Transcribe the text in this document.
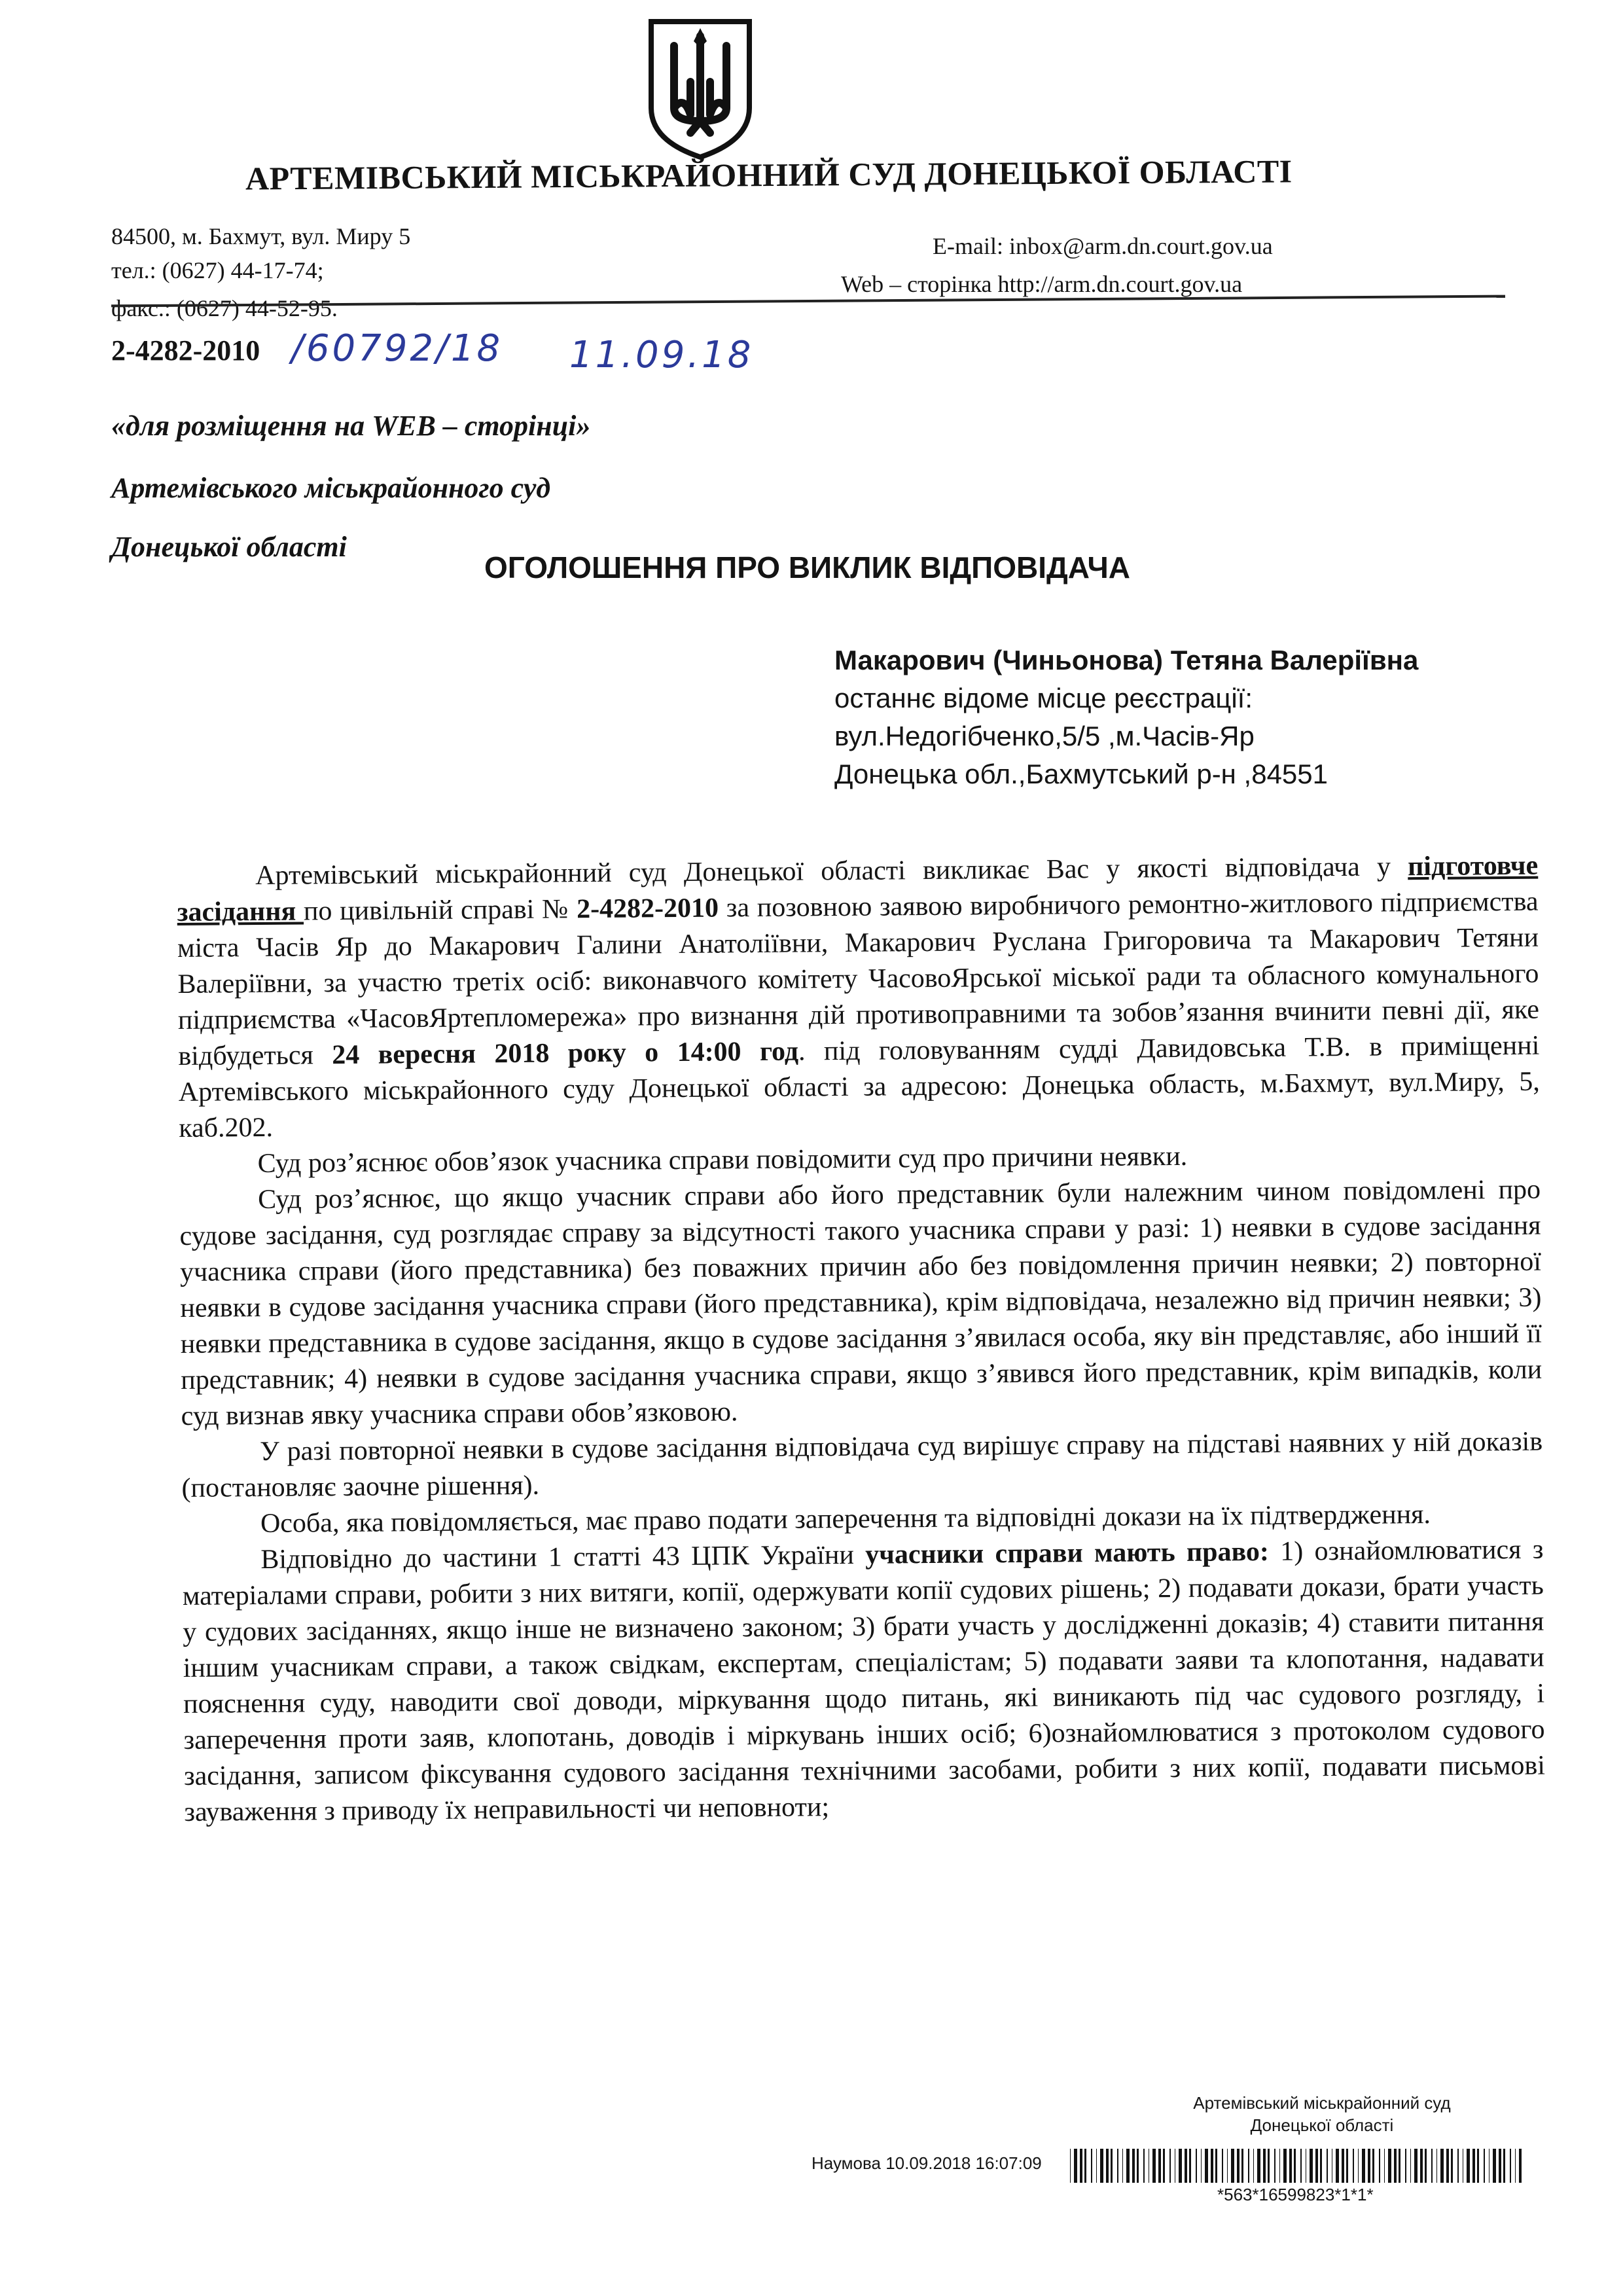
АРТЕМІВСЬКИЙ МІСЬКРАЙОННИЙ СУД ДОНЕЦЬКОЇ ОБЛАСТІ
84500, м. Бахмут, вул. Миру 5
тел.: (0627) 44-17-74;
факс.: (0627) 44-52-95.
E-mail: inbox@arm.dn.court.gov.ua
Web – сторінка http://arm.dn.court.gov.ua
2-4282-2010 /60792/18 11.09.18
«для розміщення на WEB – сторінці»
Артемівського міськрайонного суд
Донецької області
ОГОЛОШЕННЯ ПРО ВИКЛИК ВІДПОВІДАЧА
Макарович (Чиньонова) Тетяна Валеріївна
останнє відоме місце реєстрації:
вул.Недогібченко,5/5 ,м.Часів-Яр
Донецька обл.,Бахмутський р-н ,84551

Артемівський міськрайонний суд Донецької області викликає Вас у якості відповідача у підготовче засідання по цивільній справі № 2-4282-2010 за позовною заявою виробничого ремонтно-житлового підприємства міста Часів Яр до Макарович Галини Анатоліївни, Макарович Руслана Григоровича та Макарович Тетяни Валеріївни, за участю третіх осіб: виконавчого комітету ЧасовоЯрської міської ради та обласного комунального підприємства «ЧасовЯртепломережа» про визнання дій противоправними та зобов’язання вчинити певні дії, яке відбудеться 24 вересня 2018 року о 14:00 год. під головуванням судді Давидовська Т.В. в приміщенні Артемівського міськрайонного суду Донецької області за адресою: Донецька область, м.Бахмут, вул.Миру, 5, каб.202.

Суд роз’яснює обов’язок учасника справи повідомити суд про причини неявки.

Суд роз’яснює, що якщо учасник справи або його представник були належним чином повідомлені про судове засідання, суд розглядає справу за відсутності такого учасника справи у разі: 1) неявки в судове засідання учасника справи (його представника) без поважних причин або без повідомлення причин неявки; 2) повторної неявки в судове засідання учасника справи (його представника), крім відповідача, незалежно від причин неявки; 3) неявки представника в судове засідання, якщо в судове засідання з’явилася особа, яку він представляє, або інший її представник; 4) неявки в судове засідання учасника справи, якщо з’явився його представник, крім випадків, коли суд визнав явку учасника справи обов’язковою.

У разі повторної неявки в судове засідання відповідача суд вирішує справу на підставі наявних у ній доказів (постановляє заочне рішення).

Особа, яка повідомляється, має право подати заперечення та відповідні докази на їх підтвердження.

Відповідно до частини 1 статті 43 ЦПК України учасники справи мають право: 1) ознайомлюватися з матеріалами справи, робити з них витяги, копії, одержувати копії судових рішень; 2) подавати докази, брати участь у судових засіданнях, якщо інше не визначено законом; 3) брати участь у дослідженні доказів; 4) ставити питання іншим учасникам справи, а також свідкам, експертам, спеціалістам; 5) подавати заяви та клопотання, надавати пояснення суду, наводити свої доводи, міркування щодо питань, які виникають під час судового розгляду, і заперечення проти заяв, клопотань, доводів і міркувань інших осіб; 6)ознайомлюватися з протоколом судового засідання, записом фіксування судового засідання технічними засобами, робити з них копії, подавати письмові зауваження з приводу їх неправильності чи неповноти;

Артемівський міськрайонний суд
Донецької області
Наумова 10.09.2018 16:07:09
*563*16599823*1*1*
